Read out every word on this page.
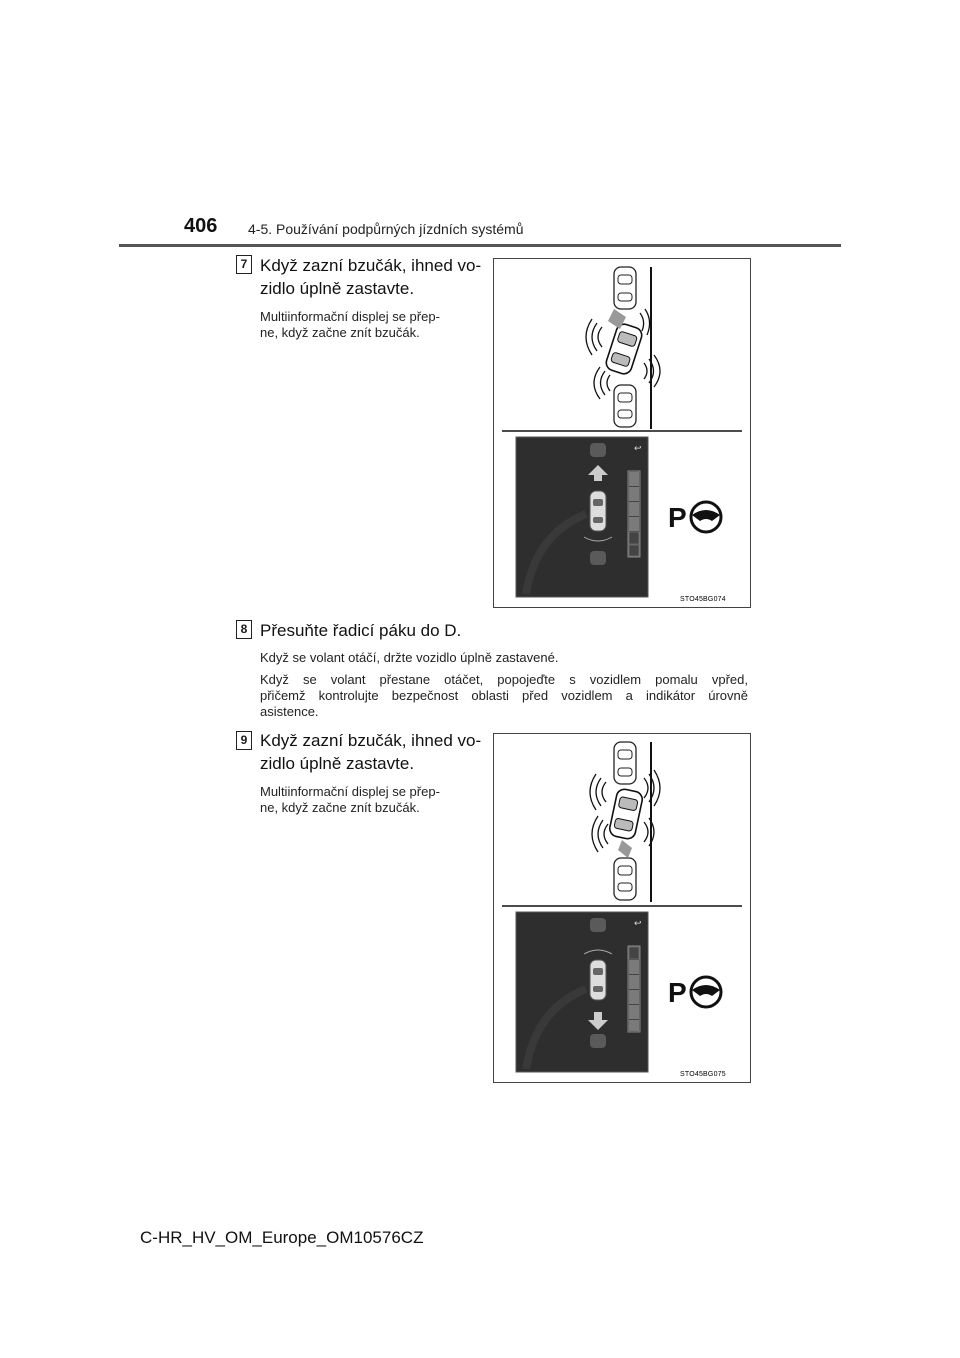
406 4-5. Používání podpůrných jízdních systémů
7 Když zazní bzučák, ihned vo-
zidlo úplně zastavte.
Multiinformační displej se přep-
ne, když začne znít bzučák.
↩
P
STO45BG074
8 Přesuňte řadicí páku do D.
Když se volant otáčí, držte vozidlo úplně zastavené.
Když se volant přestane otáčet, popojeďte s vozidlem pomalu vpřed,
přičemž kontrolujte bezpečnost oblasti před vozidlem a indikátor úrovně
asistence.
9 Když zazní bzučák, ihned vo-
zidlo úplně zastavte.
Multiinformační displej se přep-
ne, když začne znít bzučák.
↩
P
STO45BG075
C-HR_HV_OM_Europe_OM10576CZ
